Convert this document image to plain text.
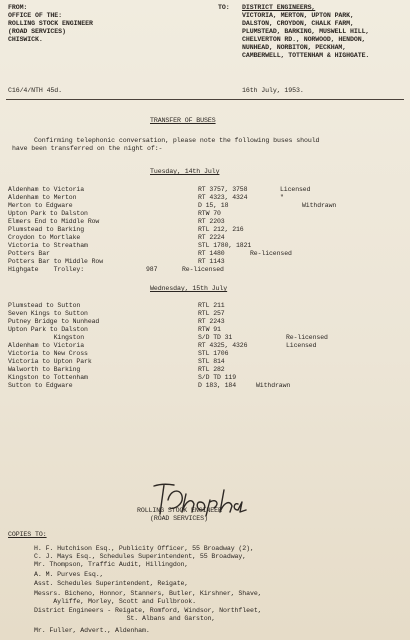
FROM:
OFFICE OF THE:
ROLLING STOCK ENGINEER
(ROAD SERVICES)
CHISWICK.
TO: DISTRICT ENGINEERS,
VICTORIA, MERTON, UPTON PARK,
DALSTON, CROYDON, CHALK FARM,
PLUMSTEAD, BARKING, MUSWELL HILL,
CHELVERTON RD., NORWOOD, HENDON,
NUNHEAD, NORBITON, PECKHAM,
CAMBERWELL, TOTTENHAM & HIGHGATE.
C16/4/NTH 45d.	16th July, 1953.
TRANSFER OF BUSES
Confirming telephonic conversation, please note the following buses should
have been transferred on the night of:-
Tuesday, 14th July
Aldenham to Victoria	RT 3757, 3758	Licensed
Aldenham to Merton	RT 4323, 4324	"
Merton to Edgware	D 15, 18	Withdrawn
Upton Park to Dalston	RTW 70
Elmers End to Middle Row	RT 2203
Plumstead to Barking	RTL 212, 216
Croydon to Mortlake	RT 2224
Victoria to Streatham	STL 1780, 1821
Potters Bar	RT 1480	Re-licensed
Potters Bar to Middle Row	RT 1143
Highgate    Trolley:	987	Re-licensed
Wednesday, 15th July
Plumstead to Sutton	RTL 211
Seven Kings to Sutton	RTL 257
Putney Bridge to Nunhead	RT 2243
Upton Park to Dalston	RTW 91
Kingston	S/D TD 31	Re-licensed
Aldenham to Victoria	RT 4325, 4326	Licensed
Victoria to New Cross	STL 1706
Victoria to Upton Park	STL 814
Walworth to Barking	RTL 282
Kingston to Tottenham	S/D TD 119
Sutton to Edgware	D 183, 184	Withdrawn
ROLLING STOCK ENGINEER
(ROAD SERVICES)
COPIES TO:
H. F. Hutchison Esq., Publicity Officer, 55 Broadway (2),
C. J. Mays Esq., Schedules Superintendent, 55 Broadway,
Mr. Thompson, Traffic Audit, Hillingdon,
A. M. Purves Esq.,
Asst. Schedules Superintendent, Reigate,
Messrs. Bicheno, Honnor, Stanners, Butler, Kirshner, Shave,
Ayliffe, Morley, Scott and Fullbrook.
District Engineers - Reigate, Romford, Windsor, Northfleet,
St. Albans and Garston,
Mr. Fuller, Advert., Aldenham.
